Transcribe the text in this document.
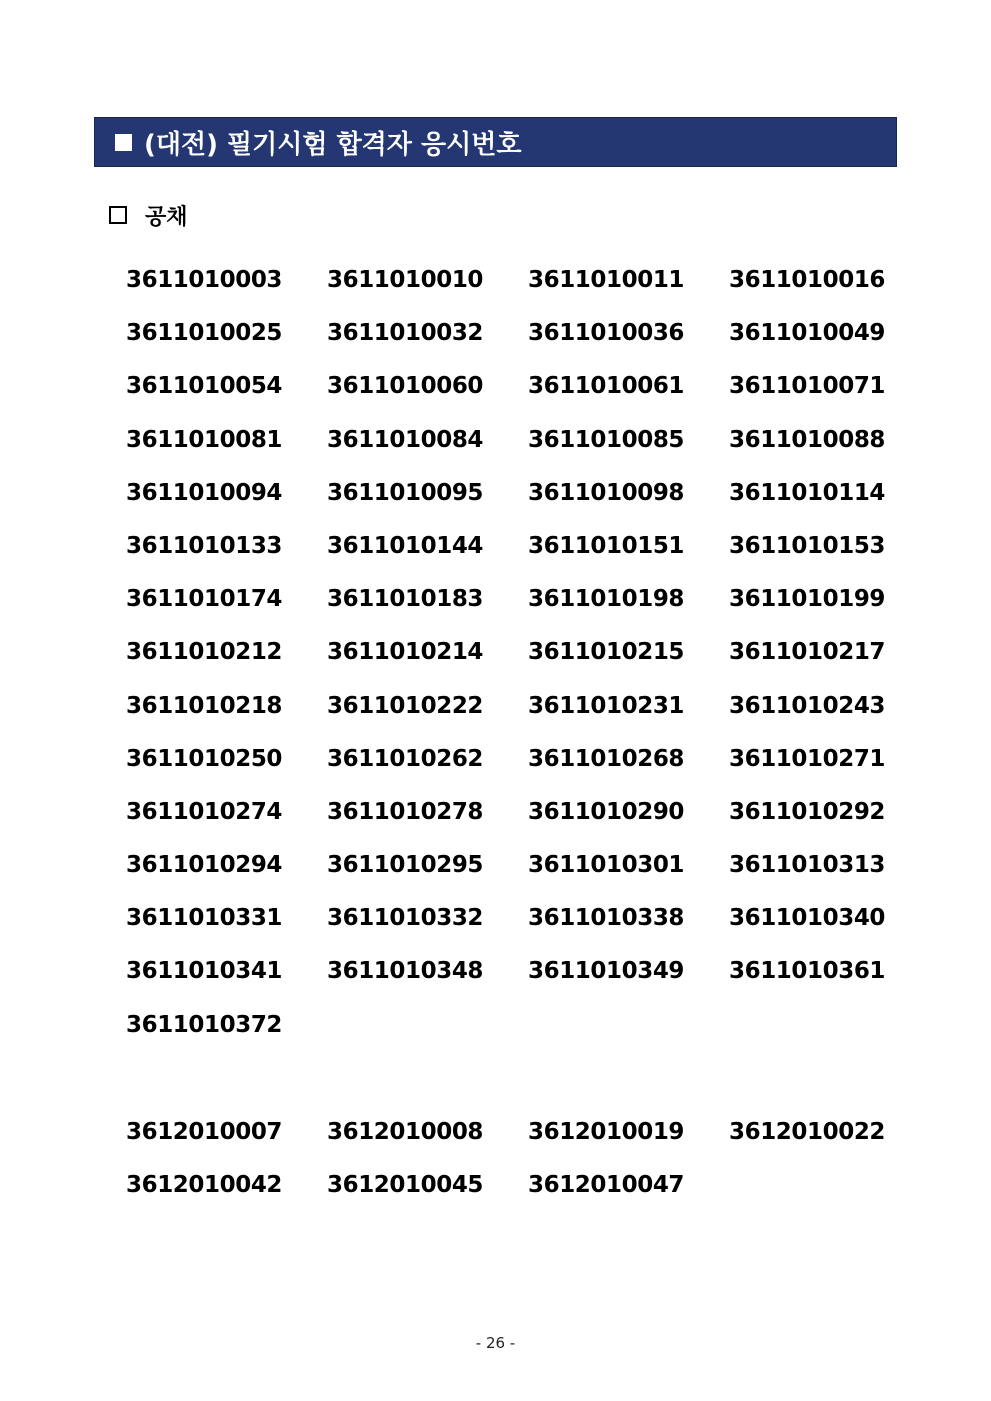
(대전) 필기시험 합격자 응시번호
공채
3611010003	3611010010	3611010011	3611010016
3611010025	3611010032	3611010036	3611010049
3611010054	3611010060	3611010061	3611010071
3611010081	3611010084	3611010085	3611010088
3611010094	3611010095	3611010098	3611010114
3611010133	3611010144	3611010151	3611010153
3611010174	3611010183	3611010198	3611010199
3611010212	3611010214	3611010215	3611010217
3611010218	3611010222	3611010231	3611010243
3611010250	3611010262	3611010268	3611010271
3611010274	3611010278	3611010290	3611010292
3611010294	3611010295	3611010301	3611010313
3611010331	3611010332	3611010338	3611010340
3611010341	3611010348	3611010349	3611010361
3611010372
3612010007	3612010008	3612010019	3612010022
3612010042	3612010045	3612010047
- 26 -
